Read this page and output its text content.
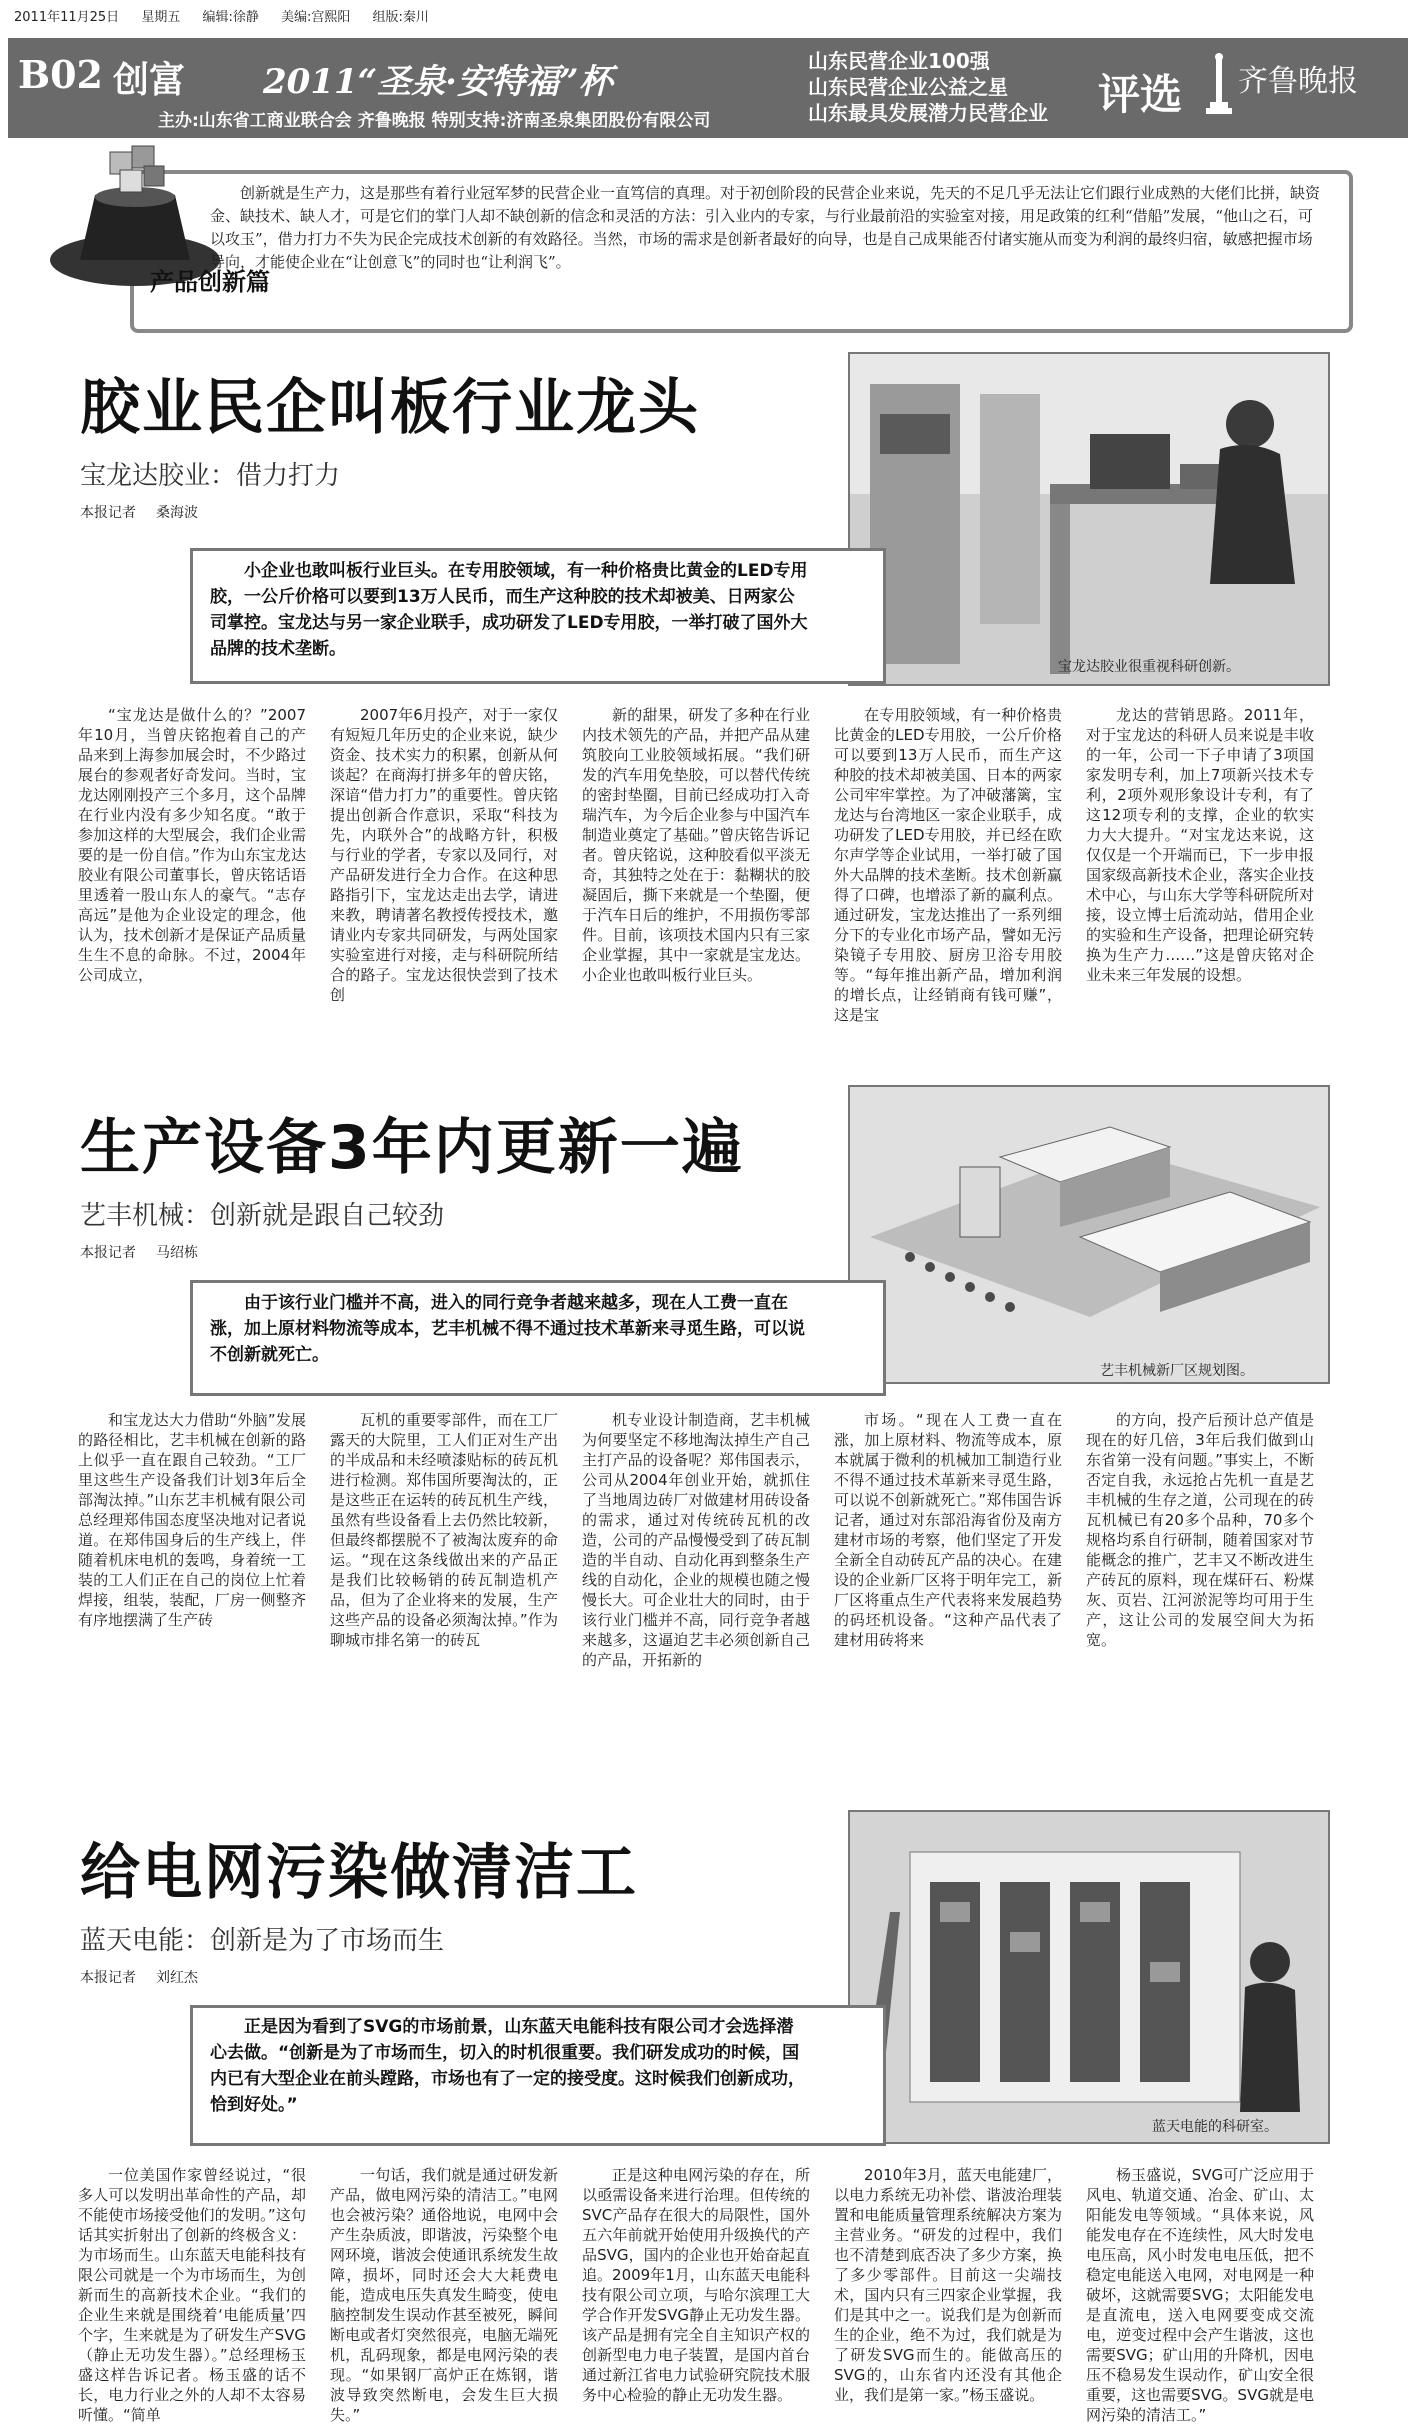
2011年11月25日 星期五 编辑:徐静 美编:宫熙阳 组版:秦川
B02 创富 2011“圣泉·安特福”杯
主办:山东省工商业联合会 齐鲁晚报 特别支持:济南圣泉集团股份有限公司
山东民营企业100强
山东民营企业公益之星
山东最具发展潜力民营企业 评选 齐鲁晚报
产品创新篇
创新就是生产力，这是那些有着行业冠军梦的民营企业一直笃信的真理。对于初创阶段的民营企业来说，先天的不足几乎无法让它们跟行业成熟的大佬们比拼，缺资金、缺技术、缺人才，可是它们的掌门人却不缺创新的信念和灵活的方法：引入业内的专家，与行业最前沿的实验室对接，用足政策的红利“借船”发展，“他山之石，可以攻玉”，借力打力不失为民企完成技术创新的有效路径。当然，市场的需求是创新者最好的向导，也是自己成果能否付诸实施从而变为利润的最终归宿，敏感把握市场导向，才能使企业在“让创意飞”的同时也“让利润飞”。
胶业民企叫板行业龙头
宝龙达胶业：借力打力
本报记者 桑海波
小企业也敢叫板行业巨头。在专用胶领域，有一种价格贵比黄金的LED专用胶，一公斤价格可以要到13万人民币，而生产这种胶的技术却被美、日两家公司掌控。宝龙达与另一家企业联手，成功研发了LED专用胶，一举打破了国外大品牌的技术垄断。
宝龙达胶业很重视科研创新。

“宝龙达是做什么的？”2007年10月，当曾庆铭抱着自己的产品来到上海参加展会时，不少路过展台的参观者好奇发问。当时，宝龙达刚刚投产三个多月，这个品牌在行业内没有多少知名度。“敢于参加这样的大型展会，我们企业需要的是一份自信。”作为山东宝龙达胶业有限公司董事长，曾庆铭话语里透着一股山东人的豪气。“志存高远”是他为企业设定的理念，他认为，技术创新才是保证产品质量生生不息的命脉。不过，2004年公司成立，

2007年6月投产，对于一家仅有短短几年历史的企业来说，缺少资金、技术实力的积累，创新从何谈起？在商海打拼多年的曾庆铭，深谙“借力打力”的重要性。曾庆铭提出创新合作意识，采取“科技为先，内联外合”的战略方针，积极与行业的学者，专家以及同行，对产品研发进行全力合作。在这种思路指引下，宝龙达走出去学，请进来教，聘请著名教授传授技术，邀请业内专家共同研发，与两处国家实验室进行对接，走与科研院所结合的路子。宝龙达很快尝到了技术创

新的甜果，研发了多种在行业内技术领先的产品，并把产品从建筑胶向工业胶领域拓展。“我们研发的汽车用免垫胶，可以替代传统的密封垫圈，目前已经成功打入奇瑞汽车，为今后企业参与中国汽车制造业奠定了基础。”曾庆铭告诉记者。曾庆铭说，这种胶看似平淡无奇，其独特之处在于：黏糊状的胶凝固后，撕下来就是一个垫圈，便于汽车日后的维护，不用损伤零部件。目前，该项技术国内只有三家企业掌握，其中一家就是宝龙达。小企业也敢叫板行业巨头。

在专用胶领域，有一种价格贵比黄金的LED专用胶，一公斤价格可以要到13万人民币，而生产这种胶的技术却被美国、日本的两家公司牢牢掌控。为了冲破藩篱，宝龙达与台湾地区一家企业联手，成功研发了LED专用胶，并已经在欧尔声学等企业试用，一举打破了国外大品牌的技术垄断。技术创新赢得了口碑，也增添了新的赢利点。通过研发，宝龙达推出了一系列细分下的专业化市场产品，譬如无污染镜子专用胶、厨房卫浴专用胶等。“每年推出新产品，增加利润的增长点，让经销商有钱可赚”，这是宝

龙达的营销思路。2011年，对于宝龙达的科研人员来说是丰收的一年，公司一下子申请了3项国家发明专利，加上7项新兴技术专利，2项外观形象设计专利，有了这12项专利的支撑，企业的软实力大大提升。“对宝龙达来说，这仅仅是一个开端而已，下一步申报国家级高新技术企业，落实企业技术中心，与山东大学等科研院所对接，设立博士后流动站，借用企业的实验和生产设备，把理论研究转换为生产力……”这是曾庆铭对企业未来三年发展的设想。

生产设备3年内更新一遍
艺丰机械：创新就是跟自己较劲
本报记者 马绍栋
由于该行业门槛并不高，进入的同行竞争者越来越多，现在人工费一直在涨，加上原材料物流等成本，艺丰机械不得不通过技术革新来寻觅生路，可以说不创新就死亡。
艺丰机械新厂区规划图。

和宝龙达大力借助“外脑”发展的路径相比，艺丰机械在创新的路上似乎一直在跟自己较劲。“工厂里这些生产设备我们计划3年后全部淘汰掉。”山东艺丰机械有限公司总经理郑伟国态度坚决地对记者说道。在郑伟国身后的生产线上，伴随着机床电机的轰鸣，身着统一工装的工人们正在自己的岗位上忙着焊接，组装，装配，厂房一侧整齐有序地摆满了生产砖

瓦机的重要零部件，而在工厂露天的大院里，工人们正对生产出的半成品和未经喷漆贴标的砖瓦机进行检测。郑伟国所要淘汰的，正是这些正在运转的砖瓦机生产线，虽然有些设备看上去仍然比较新，但最终都摆脱不了被淘汰废弃的命运。“现在这条线做出来的产品正是我们比较畅销的砖瓦制造机产品，但为了企业将来的发展，生产这些产品的设备必须淘汰掉。”作为聊城市排名第一的砖瓦

机专业设计制造商，艺丰机械为何要坚定不移地淘汰掉生产自己主打产品的设备呢？郑伟国表示，公司从2004年创业开始，就抓住了当地周边砖厂对做建材用砖设备的需求，通过对传统砖瓦机的改造，公司的产品慢慢受到了砖瓦制造的半自动、自动化再到整条生产线的自动化，企业的规模也随之慢慢长大。可企业壮大的同时，由于该行业门槛并不高，同行竞争者越来越多，这逼迫艺丰必须创新自己的产品，开拓新的

市场。“现在人工费一直在涨，加上原材料、物流等成本，原本就属于微利的机械加工制造行业不得不通过技术革新来寻觅生路，可以说不创新就死亡。”郑伟国告诉记者，通过对东部沿海省份及南方建材市场的考察，他们坚定了开发全新全自动砖瓦产品的决心。在建设的企业新厂区将于明年完工，新厂区将重点生产代表将来发展趋势的码坯机设备。“这种产品代表了建材用砖将来

的方向，投产后预计总产值是现在的好几倍，3年后我们做到山东省第一没有问题。”事实上，不断否定自我，永远抢占先机一直是艺丰机械的生存之道，公司现在的砖瓦机械已有20多个品种，70多个规格均系自行研制，随着国家对节能概念的推广，艺丰又不断改进生产砖瓦的原料，现在煤矸石、粉煤灰、页岩、江河淤泥等均可用于生产，这让公司的发展空间大为拓宽。

给电网污染做清洁工
蓝天电能：创新是为了市场而生
本报记者 刘红杰
正是因为看到了SVG的市场前景，山东蓝天电能科技有限公司才会选择潜心去做。“创新是为了市场而生，切入的时机很重要。我们研发成功的时候，国内已有大型企业在前头蹚路，市场也有了一定的接受度。这时候我们创新成功，恰到好处。”
蓝天电能的科研室。

一位美国作家曾经说过，“很多人可以发明出革命性的产品，却不能使市场接受他们的发明。”这句话其实折射出了创新的终极含义：为市场而生。山东蓝天电能科技有限公司就是一个为市场而生，为创新而生的高新技术企业。“我们的企业生来就是围绕着‘电能质量’四个字，生来就是为了研发生产SVG（静止无功发生器）。”总经理杨玉盛这样告诉记者。杨玉盛的话不长，电力行业之外的人却不太容易听懂。“简单

一句话，我们就是通过研发新产品，做电网污染的清洁工。”电网也会被污染？通俗地说，电网中会产生杂质波，即谐波，污染整个电网环境，谐波会使通讯系统发生故障，损坏，同时还会大大耗费电能，造成电压失真发生畸变，使电脑控制发生误动作甚至被死，瞬间断电或者灯突然很亮，电脑无端死机，乱码现象，都是电网污染的表现。“如果钢厂高炉正在炼钢，谐波导致突然断电，会发生巨大损失。”

正是这种电网污染的存在，所以亟需设备来进行治理。但传统的SVC产品存在很大的局限性，国外五六年前就开始使用升级换代的产品SVG，国内的企业也开始奋起直追。2009年1月，山东蓝天电能科技有限公司立项，与哈尔滨理工大学合作开发SVG静止无功发生器。该产品是拥有完全自主知识产权的创新型电力电子装置，是国内首台通过新江省电力试验研究院技术服务中心检验的静止无功发生器。

2010年3月，蓝天电能建厂，以电力系统无功补偿、谐波治理装置和电能质量管理系统解决方案为主营业务。“研发的过程中，我们也不清楚到底否决了多少方案，换了多少零部件。目前这一尖端技术，国内只有三四家企业掌握，我们是其中之一。说我们是为创新而生的企业，绝不为过，我们就是为了研发SVG而生的。能做高压的SVG的，山东省内还没有其他企业，我们是第一家。”杨玉盛说。

杨玉盛说，SVG可广泛应用于风电、轨道交通、冶金、矿山、太阳能发电等领域。“具体来说，风能发电存在不连续性，风大时发电电压高，风小时发电电压低，把不稳定电能送入电网，对电网是一种破坏，这就需要SVG；太阳能发电是直流电，送入电网要变成交流电，逆变过程中会产生谐波，这也需要SVG；矿山用的升降机，因电压不稳易发生误动作，矿山安全很重要，这也需要SVG。SVG就是电网污染的清洁工。”
